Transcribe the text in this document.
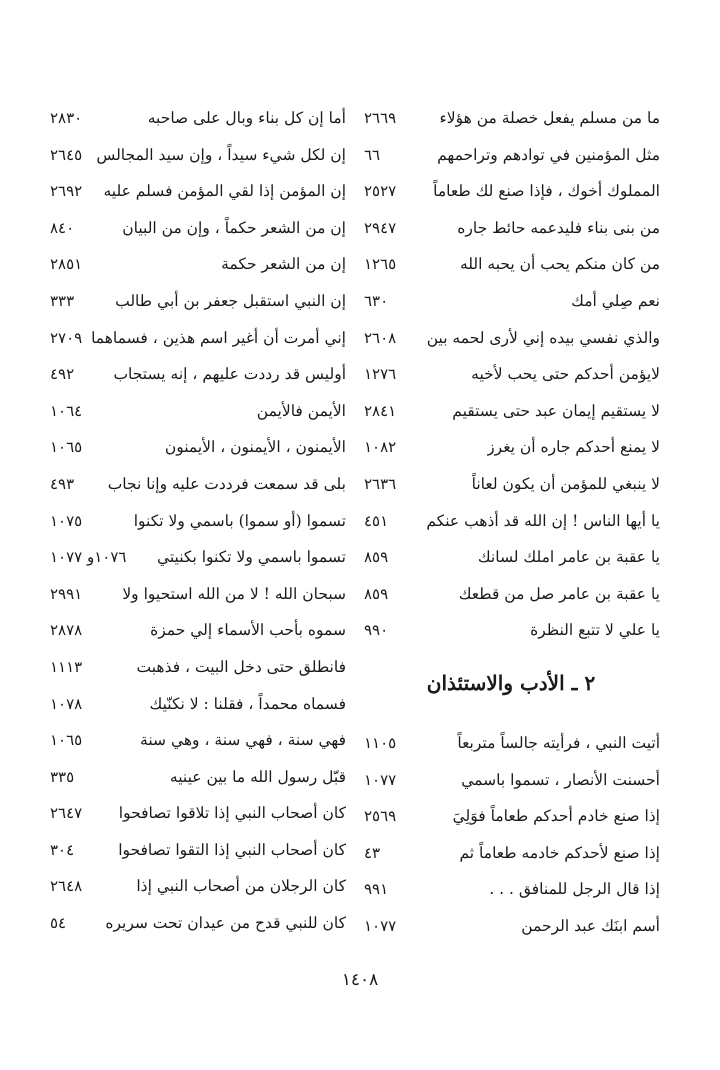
ما من مسلم يفعل خصلة من هؤلاء
٢٦٦٩
مثل المؤمنين في توادهم وتراحمهم
٦٦
المملوك أخوك ، فإذا صنع لك طعاماً
٢٥٢٧
من بنى بناء فليدعمه حائط جاره
٢٩٤٧
من كان منكم يحب أن يحبه الله
١٢٦٥
نعم صِلي أمك
٦٣٠
والذي نفسي بيده إني لأرى لحمه بين
٢٦٠٨
لايؤمن أحدكم حتى يحب لأخيه
١٢٧٦
لا يستقيم إيمان عبد حتى يستقيم
٢٨٤١
لا يمنع أحدكم جاره أن يغرز
١٠٨٢
لا ينبغي للمؤمن أن يكون لعاناً
٢٦٣٦
يا أيها الناس ! إن الله قد أذهب عنكم
٤٥١
يا عقبة بن عامر املك لسانك
٨٥٩
يا عقبة بن عامر صل من قطعك
٨٥٩
يا علي لا تتبع النظرة
٩٩٠
٢ ـ الأدب والاستئذان
أتيت النبي ، فرأيته جالساً متربعاً
١١٠٥
أحسنت الأنصار ، تسموا باسمي
١٠٧٧
إذا صنع خادم أحدكم طعاماً فوَلِيَ
٢٥٦٩
إذا صنع لأحدكم خادمه طعاماً ثم
٤٣
إذا قال الرجل للمنافق . . .
٩٩١
أسم ابنَك عبد الرحمن
١٠٧٧
أما إن كل بناء وبال على صاحبه
٢٨٣٠
إن لكل شيء سيداً ، وإن سيد المجالس
٢٦٤٥
إن المؤمن إذا لقي المؤمن فسلم عليه
٢٦٩٢
إن من الشعر حكماً ، وإن من البيان
٨٤٠
إن من الشعر حكمة
٢٨٥١
إن النبي استقبل جعفر بن أبي طالب
٣٣٣
إني أمرت أن أغير اسم هذين ، فسماهما
٢٧٠٩
أوليس قد رددت عليهم ، إنه يستجاب
٤٩٢
الأيمن فالأيمن
١٠٦٤
الأيمنون ، الأيمنون ، الأيمنون
١٠٦٥
بلى قد سمعت فرددت عليه وإنا نجاب
٤٩٣
تسموا (أو سموا) باسمي ولا تكنوا
١٠٧٥
تسموا باسمي ولا تكنوا بكنيتي
١٠٧٦و ١٠٧٧
سبحان الله ! لا من الله استحيوا ولا
٢٩٩١
سموه بأحب الأسماء إلي حمزة
٢٨٧٨
فانطلق حتى دخل البيت ، فذهبت
١١١٣
فسماه محمداً ، فقلنا : لا نكنّيك
١٠٧٨
فهي سنة ، فهي سنة ، وهي سنة
١٠٦٥
قبّل رسول الله ما بين عينيه
٣٣٥
كان أصحاب النبي إذا تلاقوا تصافحوا
٢٦٤٧
كان أصحاب النبي إذا التقوا تصافحوا
٣٠٤
كان الرجلان من أصحاب النبي إذا
٢٦٤٨
كان للنبي قدح من عيدان تحت سريره
٥٤
١٤٠٨
